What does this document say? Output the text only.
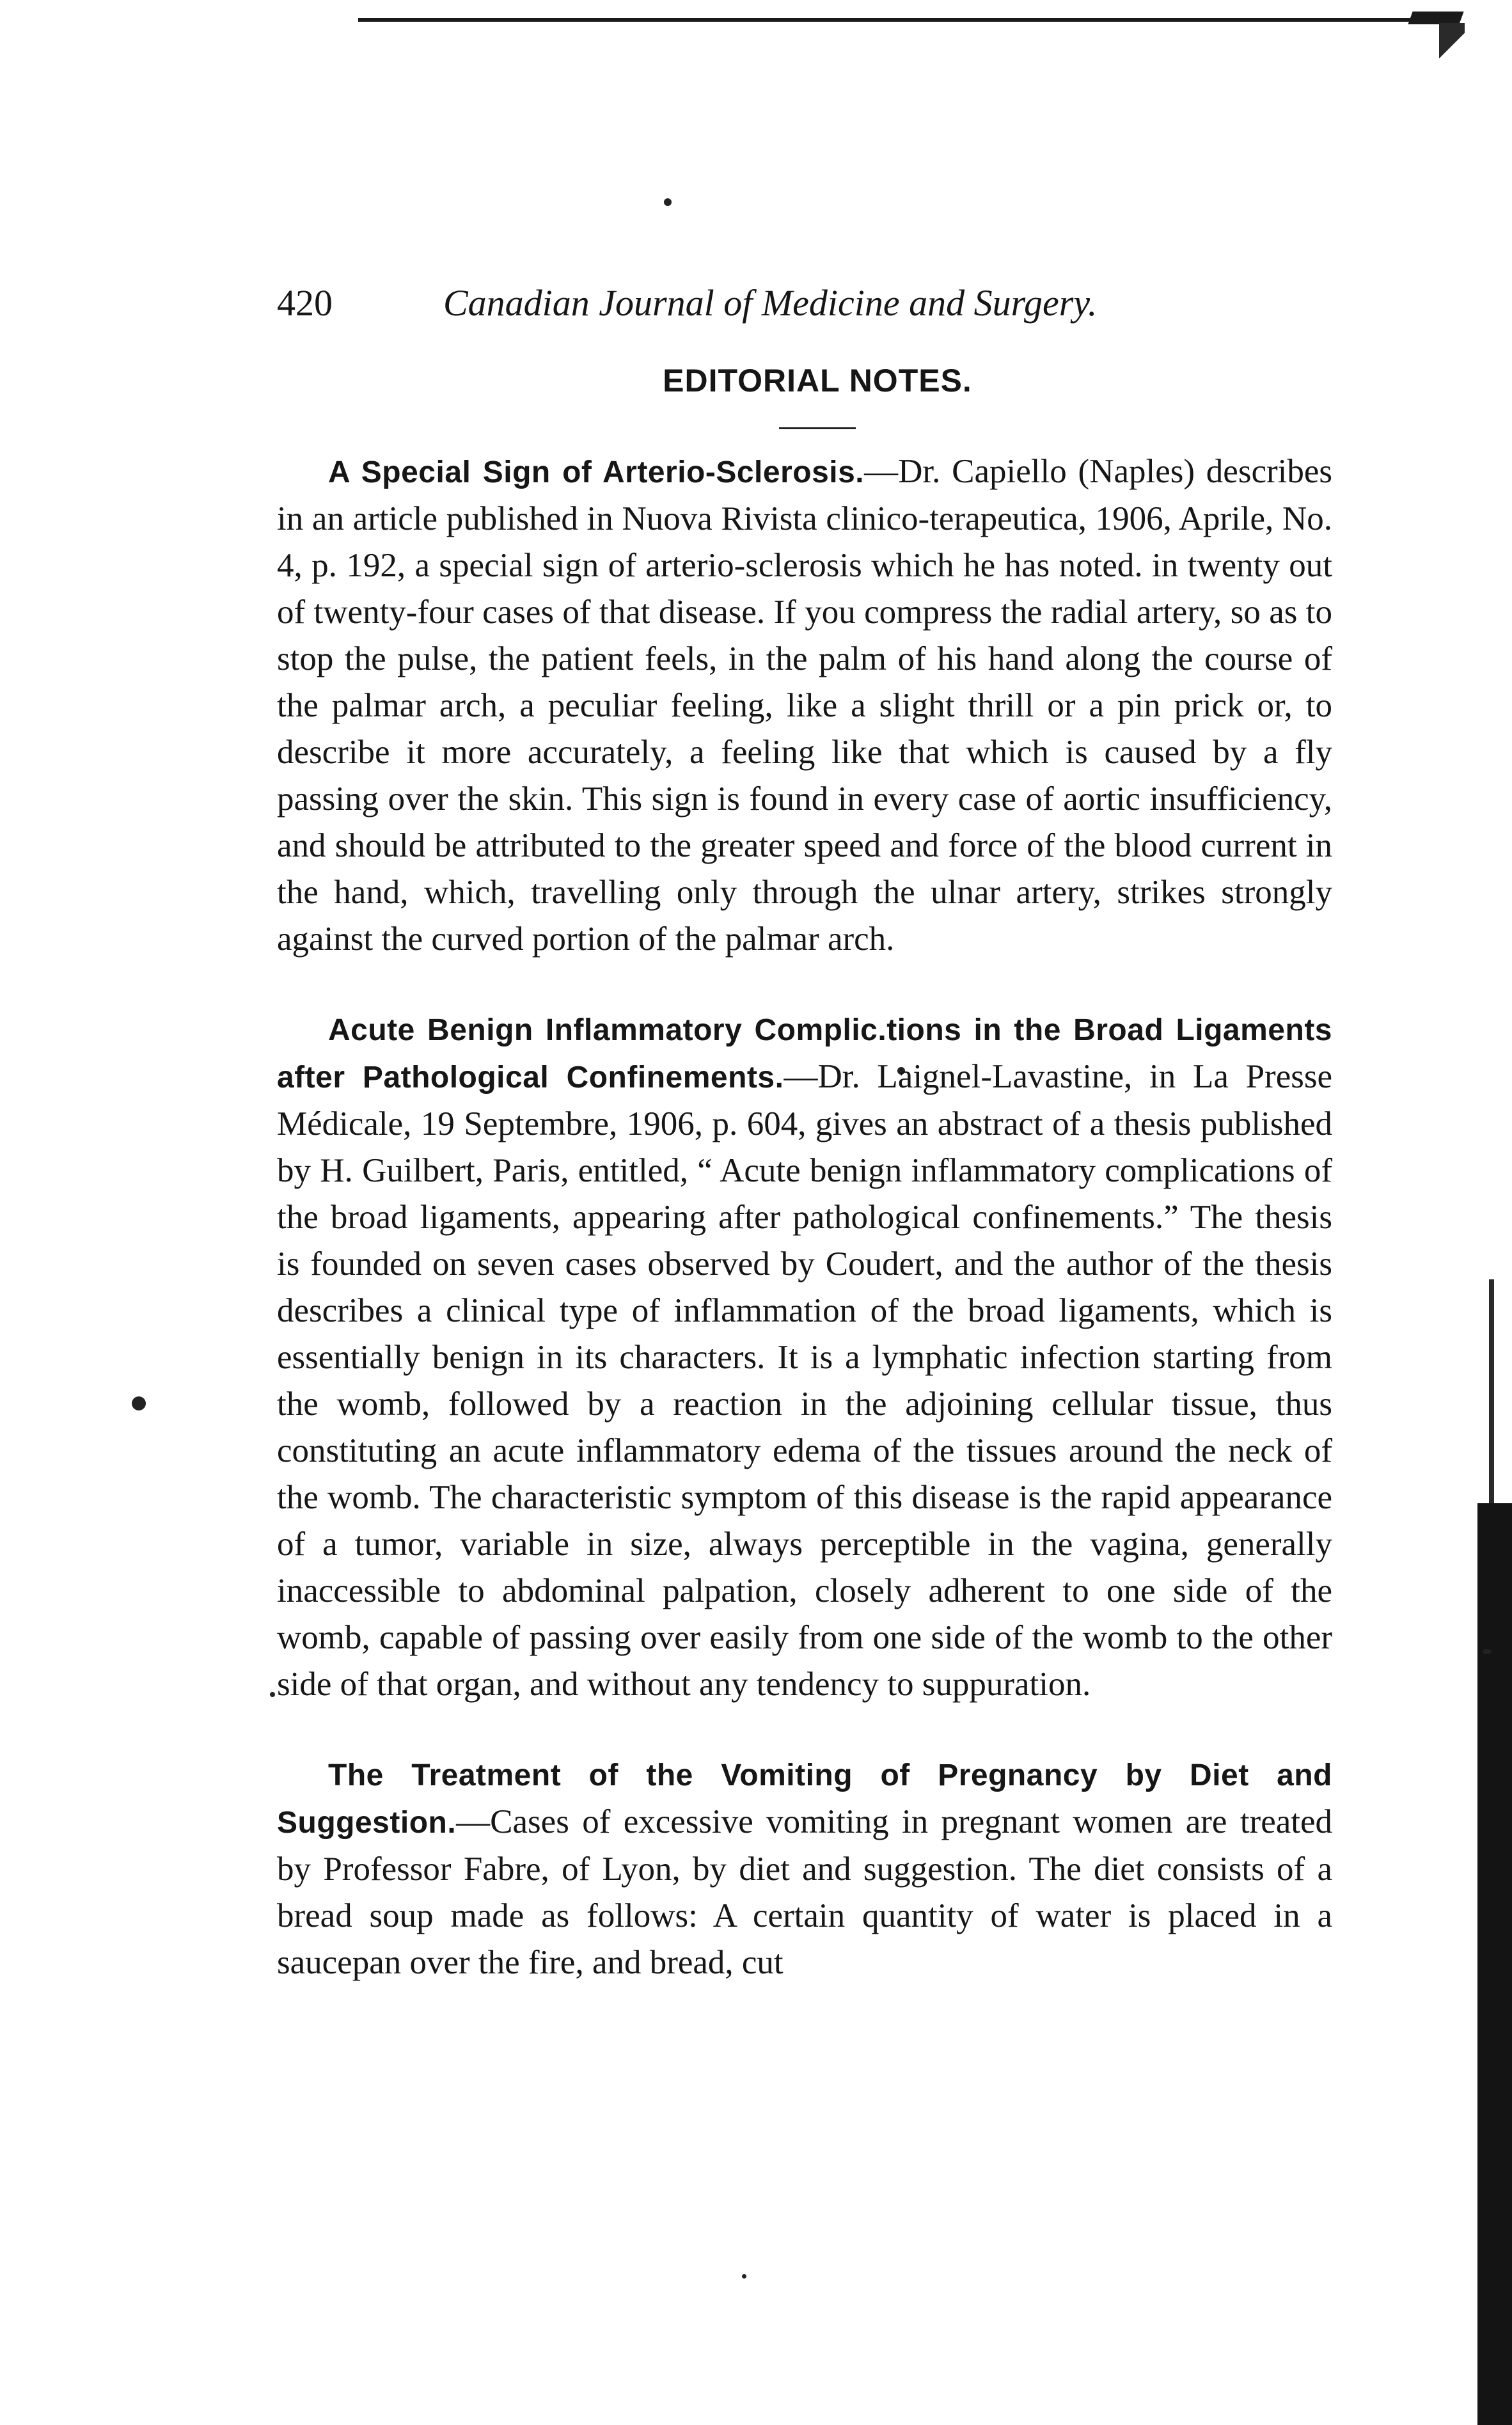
420	Canadian Journal of Medicine and Surgery.
EDITORIAL NOTES.

A Special Sign of Arterio-Sclerosis.—Dr. Capiello (Naples) describes in an article published in Nuova Rivista clinico-terapeutica, 1906, Aprile, No. 4, p. 192, a special sign of arterio-sclerosis which he has noted. in twenty out of twenty-four cases of that disease. If you compress the radial artery, so as to stop the pulse, the patient feels, in the palm of his hand along the course of the palmar arch, a peculiar feeling, like a slight thrill or a pin prick or, to describe it more accurately, a feeling like that which is caused by a fly passing over the skin. This sign is found in every case of aortic insufficiency, and should be attributed to the greater speed and force of the blood current in the hand, which, travelling only through the ulnar artery, strikes strongly against the curved portion of the palmar arch.

Acute Benign Inflammatory Complic.tions in the Broad Ligaments after Pathological Confinements.—Dr. Laignel-Lavastine, in La Presse Médicale, 19 Septembre, 1906, p. 604, gives an abstract of a thesis published by H. Guilbert, Paris, entitled, “ Acute benign inflammatory complications of the broad ligaments, appearing after pathological confinements.” The thesis is founded on seven cases observed by Coudert, and the author of the thesis describes a clinical type of inflammation of the broad ligaments, which is essentially benign in its characters. It is a lymphatic infection starting from the womb, followed by a reaction in the adjoining cellular tissue, thus constituting an acute inflammatory edema of the tissues around the neck of the womb. The characteristic symptom of this disease is the rapid appearance of a tumor, variable in size, always perceptible in the vagina, generally inaccessible to abdominal palpation, closely adherent to one side of the womb, capable of passing over easily from one side of the womb to the other side of that organ, and without any tendency to suppuration.

The Treatment of the Vomiting of Pregnancy by Diet and Suggestion.—Cases of excessive vomiting in pregnant women are treated by Professor Fabre, of Lyon, by diet and suggestion. The diet consists of a bread soup made as follows: A certain quantity of water is placed in a saucepan over the fire, and bread, cut
